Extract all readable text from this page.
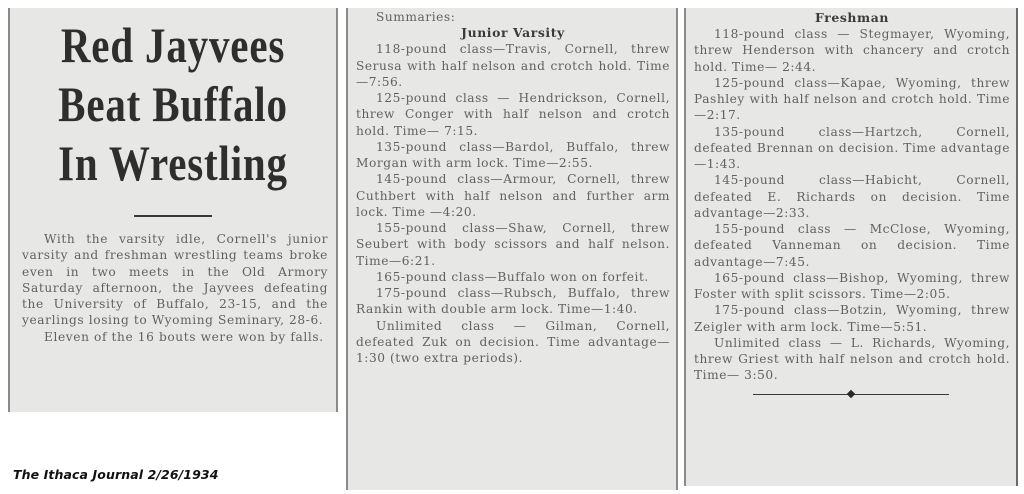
Red Jayvees
Beat Buffalo
In Wrestling

With the varsity idle, Cornell's junior varsity and freshman wrestling teams broke even in two meets in the Old Armory Saturday afternoon, the Jayvees defeating the University of Buffalo, 23-15, and the yearlings losing to Wyoming Seminary, 28-6.

Eleven of the 16 bouts were won by falls.

Summaries:

Junior Varsity

118-pound class—Travis, Cornell, threw Serusa with half nelson and crotch hold. Time—7:56.

125-pound class — Hendrickson, Cornell, threw Conger with half nelson and crotch hold. Time— 7:15.

135-pound class—Bardol, Buffalo, threw Morgan with arm lock. Time—2:55.

145-pound class—Armour, Cornell, threw Cuthbert with half nelson and further arm lock. Time —4:20.

155-pound class—Shaw, Cornell, threw Seubert with body scissors and half nelson. Time—6:21.

165-pound class—Buffalo won on forfeit.

175-pound class—Rubsch, Buffalo, threw Rankin with double arm lock. Time—1:40.

Unlimited class — Gilman, Cornell, defeated Zuk on decision. Time advantage—1:30 (two extra periods).

Freshman

118-pound class — Stegmayer, Wyoming, threw Henderson with chancery and crotch hold. Time— 2:44.

125-pound class—Kapae, Wyoming, threw Pashley with half nelson and crotch hold. Time—2:17.

135-pound class—Hartzch, Cornell, defeated Brennan on decision. Time advantage—1:43.

145-pound class—Habicht, Cornell, defeated E. Richards on decision. Time advantage—2:33.

155-pound class — McClose, Wyoming, defeated Vanneman on decision. Time advantage—7:45.

165-pound class—Bishop, Wyoming, threw Foster with split scissors. Time—2:05.

175-pound class—Botzin, Wyoming, threw Zeigler with arm lock. Time—5:51.

Unlimited class — L. Richards, Wyoming, threw Griest with half nelson and crotch hold. Time— 3:50.

The Ithaca Journal 2/26/1934
